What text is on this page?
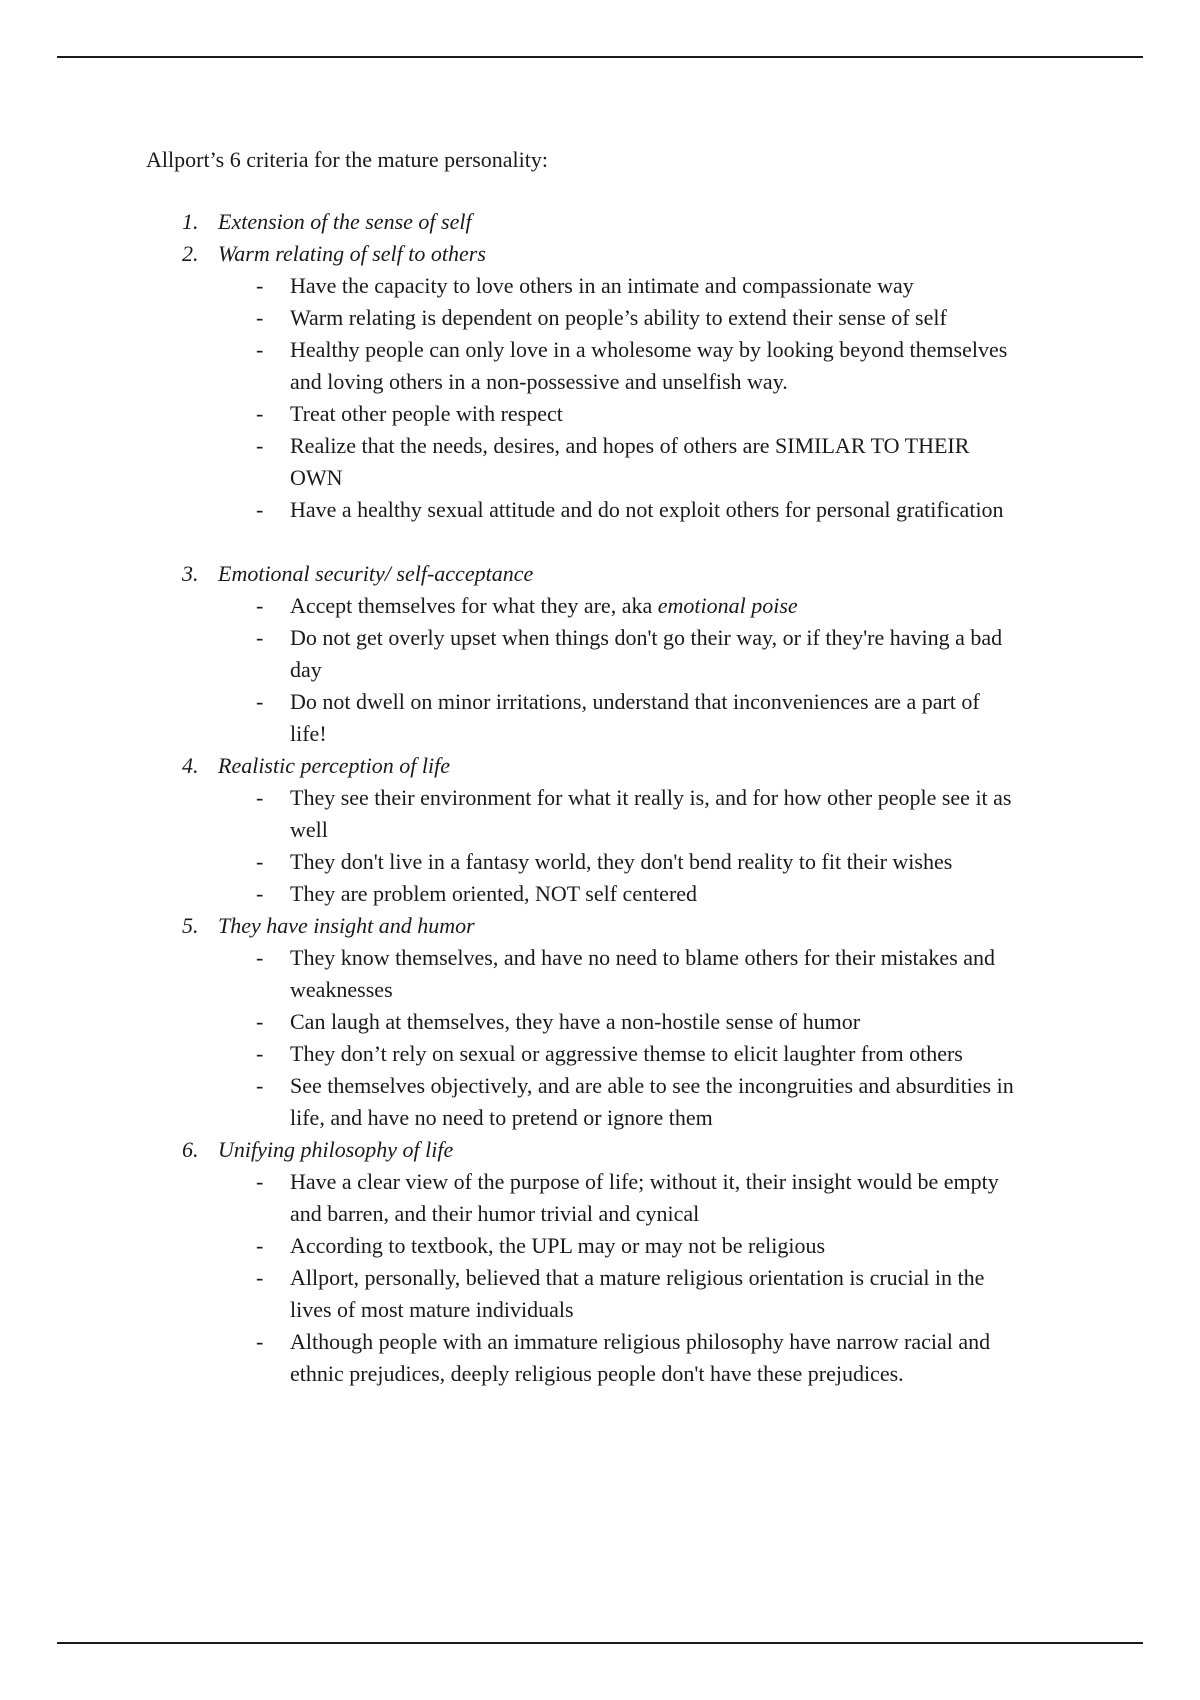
Allport’s 6 criteria for the mature personality:
1. Extension of the sense of self
2. Warm relating of self to others
- Have the capacity to love others in an intimate and compassionate way
- Warm relating is dependent on people’s ability to extend their sense of self
- Healthy people can only love in a wholesome way by looking beyond themselves
and loving others in a non-possessive and unselfish way.
- Treat other people with respect
- Realize that the needs, desires, and hopes of others are SIMILAR TO THEIR
OWN
- Have a healthy sexual attitude and do not exploit others for personal gratification
3. Emotional security/ self-acceptance
- Accept themselves for what they are, aka emotional poise
- Do not get overly upset when things don't go their way, or if they're having a bad
day
- Do not dwell on minor irritations, understand that inconveniences are a part of
life!
4. Realistic perception of life
- They see their environment for what it really is, and for how other people see it as
well
- They don't live in a fantasy world, they don't bend reality to fit their wishes
- They are problem oriented, NOT self centered
5. They have insight and humor
- They know themselves, and have no need to blame others for their mistakes and
weaknesses
- Can laugh at themselves, they have a non-hostile sense of humor
- They don’t rely on sexual or aggressive themse to elicit laughter from others
- See themselves objectively, and are able to see the incongruities and absurdities in
life, and have no need to pretend or ignore them
6. Unifying philosophy of life
- Have a clear view of the purpose of life; without it, their insight would be empty
and barren, and their humor trivial and cynical
- According to textbook, the UPL may or may not be religious
- Allport, personally, believed that a mature religious orientation is crucial in the
lives of most mature individuals
- Although people with an immature religious philosophy have narrow racial and
ethnic prejudices, deeply religious people don't have these prejudices.
